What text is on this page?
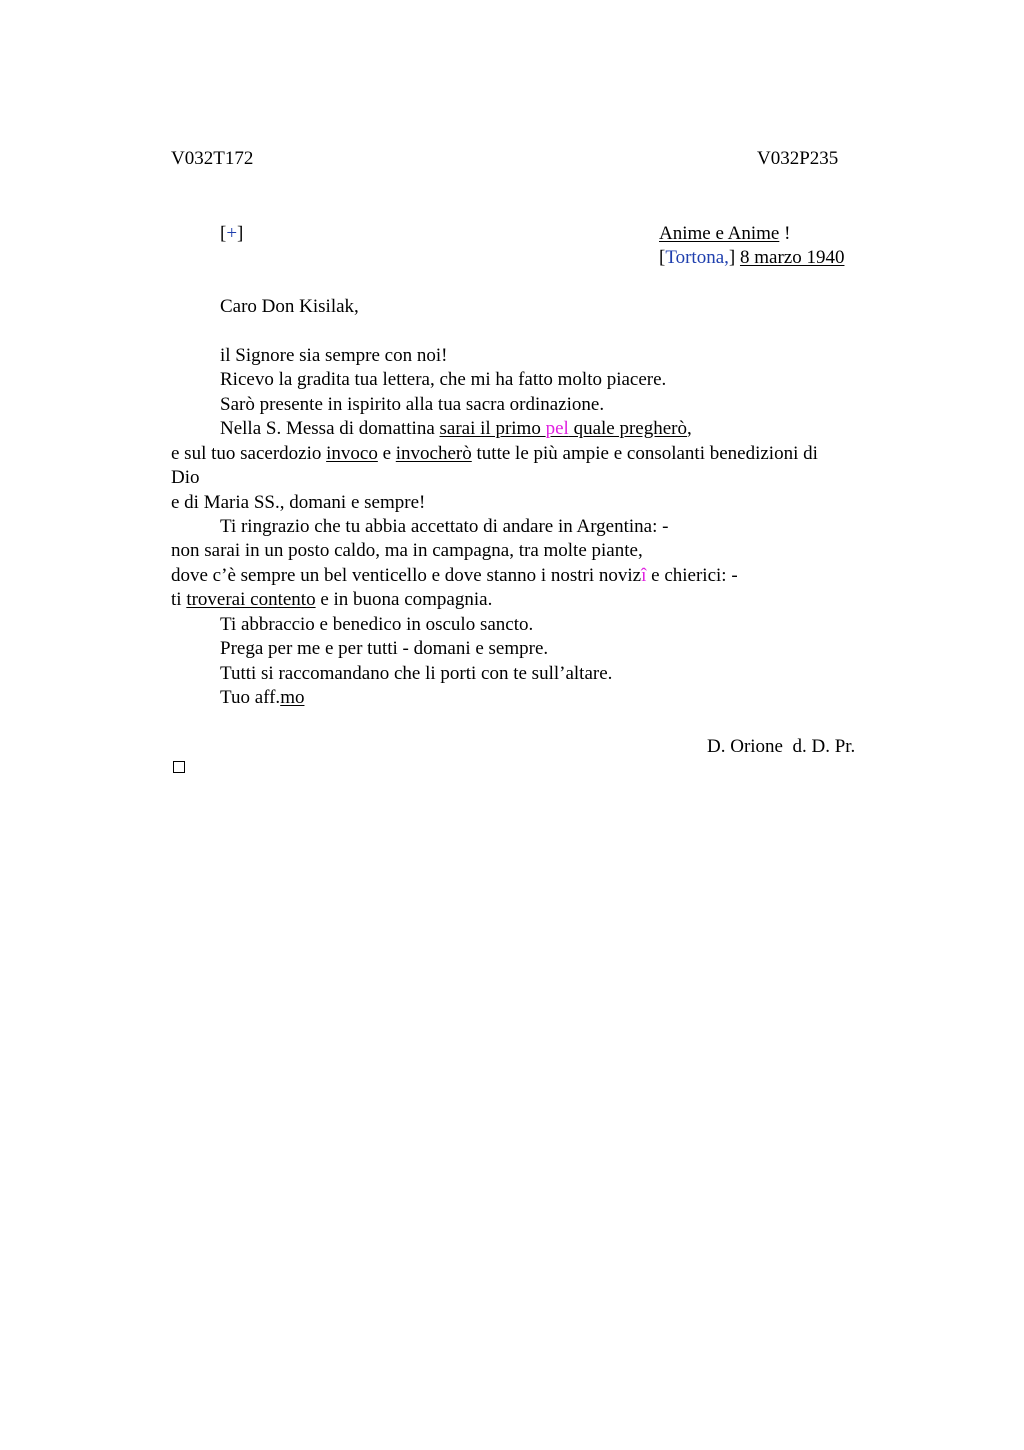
V032T172	V032P235
[+]	Anime e Anime !
[Tortona,] 8 marzo 1940
Caro Don Kisilak,
il Signore sia sempre con noi!
Ricevo la gradita tua lettera, che mi ha fatto molto piacere.
Sarò presente in ispirito alla tua sacra ordinazione.
Nella S. Messa di domattina sarai il primo pel quale pregherò,
e sul tuo sacerdozio invoco e invocherò tutte le più ampie e consolanti benedizioni di
Dio
e di Maria SS., domani e sempre!
Ti ringrazio che tu abbia accettato di andare in Argentina: -
non sarai in un posto caldo, ma in campagna, tra molte piante,
dove c’è sempre un bel venticello e dove stanno i nostri novizî e chierici: -
ti troverai contento e in buona compagnia.
Ti abbraccio e benedico in osculo sancto.
Prega per me e per tutti - domani e sempre.
Tutti si raccomandano che li porti con te sull’altare.
Tuo aff.mo
D. Orione  d. D. Pr.
